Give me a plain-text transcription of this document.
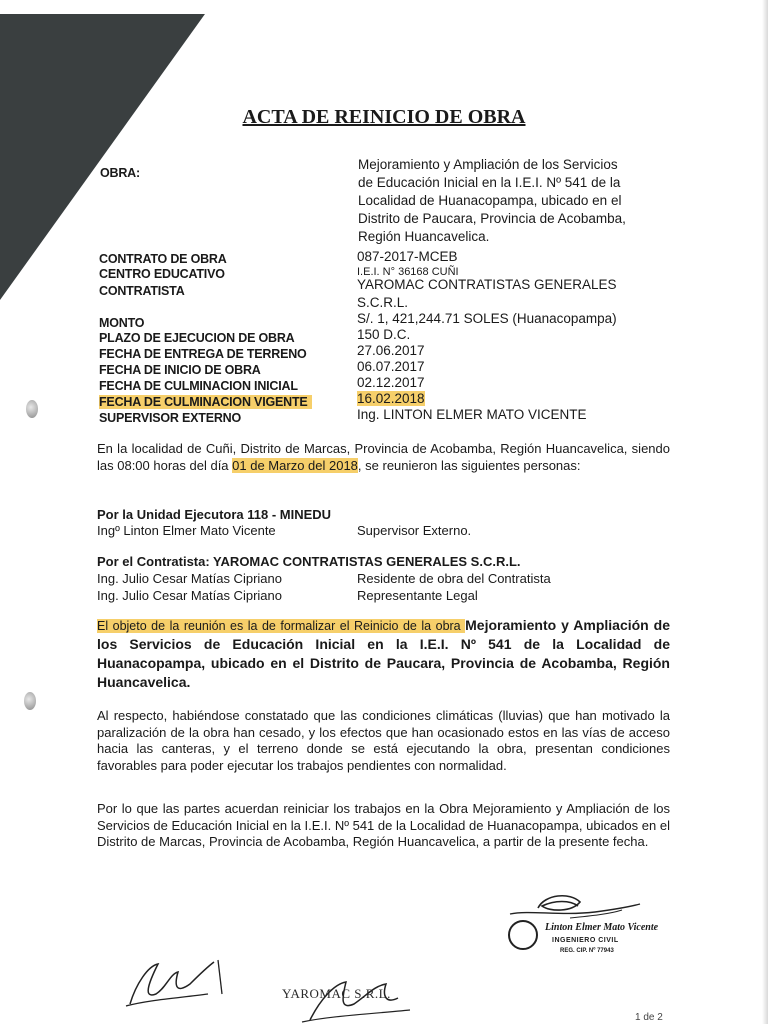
ACTA DE REINICIO DE OBRA
OBRA:
Mejoramiento y Ampliación de los Servicios
de Educación Inicial en la I.E.I. Nº 541 de la
Localidad de Huanacopampa, ubicado en el
Distrito de Paucara, Provincia de Acobamba,
Región Huancavelica.
CONTRATO DE OBRA	087-2017-MCEB
CENTRO EDUCATIVO	I.E.I. N° 36168 CUÑI
CONTRATISTA	YAROMAC CONTRATISTAS GENERALES
S.C.R.L.
MONTO	S/. 1, 421,244.71 SOLES (Huanacopampa)
PLAZO DE EJECUCION DE OBRA	150 D.C.
FECHA DE ENTREGA DE TERRENO	27.06.2017
FECHA DE INICIO DE OBRA	06.07.2017
FECHA DE CULMINACION INICIAL	02.12.2017
FECHA DE CULMINACION VIGENTE	16.02.2018
SUPERVISOR EXTERNO	Ing. LINTON ELMER MATO VICENTE
En la localidad de Cuñi, Distrito de Marcas, Provincia de Acobamba, Región Huancavelica, siendo las 08:00 horas del día 01 de Marzo del 2018, se reunieron las siguientes personas:
Por la Unidad Ejecutora 118 - MINEDU
Ingº Linton Elmer Mato Vicente	Supervisor Externo.
Por el Contratista: YAROMAC CONTRATISTAS GENERALES S.C.R.L.
Ing. Julio Cesar Matías Cipriano	Residente de obra del Contratista
Ing. Julio Cesar Matías Cipriano	Representante Legal
El objeto de la reunión es la de formalizar el Reinicio de la obra Mejoramiento y Ampliación de los Servicios de Educación Inicial en la I.E.I. Nº 541 de la Localidad de Huanacopampa, ubicado en el Distrito de Paucara, Provincia de Acobamba, Región Huancavelica.
Al respecto, habiéndose constatado que las condiciones climáticas (lluvias) que han motivado la paralización de la obra han cesado, y los efectos que han ocasionado estos en las vías de acceso hacia las canteras, y el terreno donde se está ejecutando la obra, presentan condiciones favorables para poder ejecutar los trabajos pendientes con normalidad.
Por lo que las partes acuerdan reiniciar los trabajos en la Obra Mejoramiento y Ampliación de los Servicios de Educación Inicial en la I.E.I. Nº 541 de la Localidad de Huanacopampa, ubicados en el Distrito de Marcas, Provincia de Acobamba, Región Huancavelica, a partir de la presente fecha.
Linton Elmer Mato Vicente
INGENIERO CIVIL
REG. CIP. Nº 77943
YAROMAC S.R.L.
1 de 2
